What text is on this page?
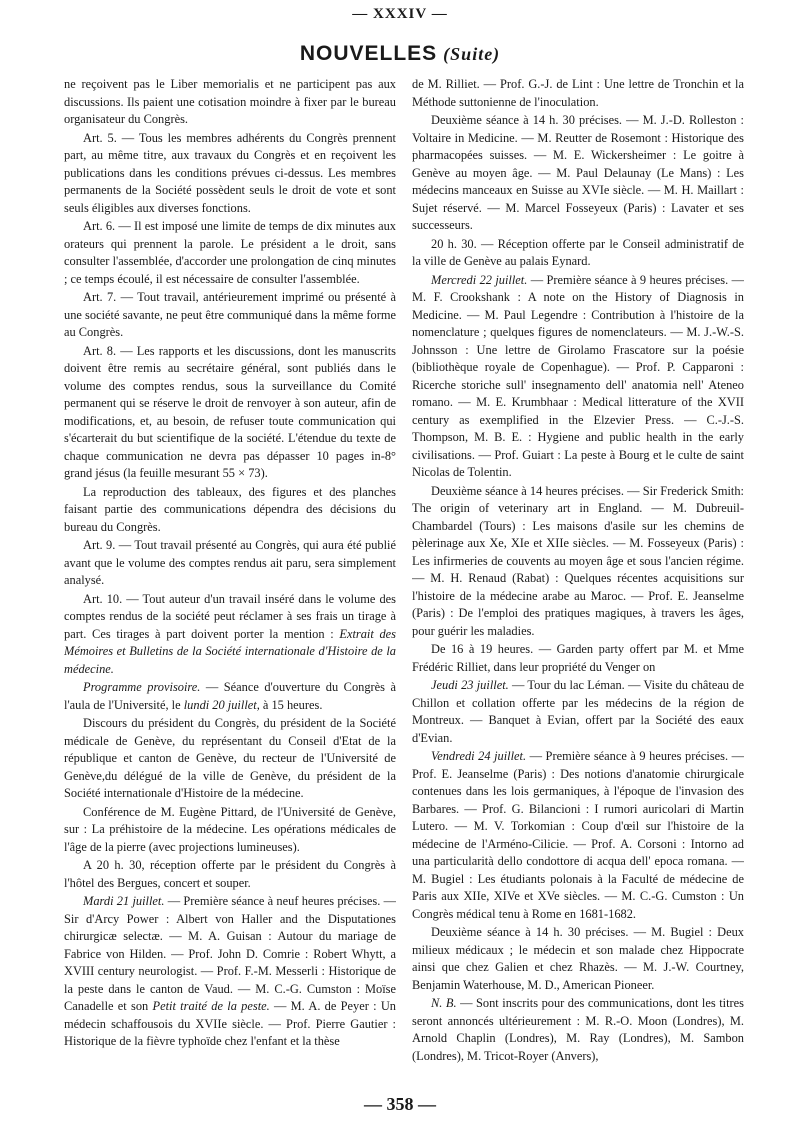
— XXXIV —
NOUVELLES (Suite)

ne reçoivent pas le Liber memorialis et ne participent pas aux discussions. Ils paient une cotisation moindre à fixer par le bureau organisateur du Congrès.

Art. 5. — Tous les membres adhérents du Congrès prennent part, au même titre, aux travaux du Congrès et en reçoivent les publications dans les conditions prévues ci-dessus. Les membres permanents de la Société possèdent seuls le droit de vote et sont seuls éligibles aux diverses fonctions.

Art. 6. — Il est imposé une limite de temps de dix minutes aux orateurs qui prennent la parole. Le président a le droit, sans consulter l'assemblée, d'accorder une prolongation de cinq minutes ; ce temps écoulé, il est nécessaire de consulter l'assemblée.

Art. 7. — Tout travail, antérieurement imprimé ou présenté à une société savante, ne peut être communiqué dans la même forme au Congrès.

Art. 8. — Les rapports et les discussions, dont les manuscrits doivent être remis au secrétaire général, sont publiés dans le volume des comptes rendus, sous la surveillance du Comité permanent qui se réserve le droit de renvoyer à son auteur, afin de modifications, et, au besoin, de refuser toute communication qui s'écarterait du but scientifique de la société. L'étendue du texte de chaque communication ne devra pas dépasser 10 pages in-8° grand jésus (la feuille mesurant 55 × 73).

La reproduction des tableaux, des figures et des planches faisant partie des communications dépendra des décisions du bureau du Congrès.

Art. 9. — Tout travail présenté au Congrès, qui aura été publié avant que le volume des comptes rendus ait paru, sera simplement analysé.

Art. 10. — Tout auteur d'un travail inséré dans le volume des comptes rendus de la société peut réclamer à ses frais un tirage à part. Ces tirages à part doivent porter la mention : Extrait des Mémoires et Bulletins de la Société internationale d'Histoire de la médecine.

Programme provisoire. — Séance d'ouverture du Congrès à l'aula de l'Université, le lundi 20 juillet, à 15 heures.

Discours du président du Congrès, du président de la Société médicale de Genève, du représentant du Conseil d'Etat de la république et canton de Genève, du recteur de l'Université de Genève,du délégué de la ville de Genève, du président de la Société internationale d'Histoire de la médecine.

Conférence de M. Eugène Pittard, de l'Université de Genève, sur : La préhistoire de la médecine. Les opérations médicales de l'âge de la pierre (avec projections lumineuses).

A 20 h. 30, réception offerte par le président du Congrès à l'hôtel des Bergues, concert et souper.

Mardi 21 juillet. — Première séance à neuf heures précises. — Sir d'Arcy Power : Albert von Haller and the Disputationes chirurgicæ selectæ. — M. A. Guisan : Autour du mariage de Fabrice von Hilden. — Prof. John D. Comrie : Robert Whytt, a XVIII century neurologist. — Prof. F.-M. Messerli : Historique de la peste dans le canton de Vaud. — M. C.-G. Cumston : Moïse Canadelle et son Petit traité de la peste. — M. A. de Peyer : Un médecin schaffousois du XVIIe siècle. — Prof. Pierre Gautier : Historique de la fièvre typhoïde chez l'enfant et la thèse

de M. Rilliet. — Prof. G.-J. de Lint : Une lettre de Tronchin et la Méthode suttonienne de l'inoculation.

Deuxième séance à 14 h. 30 précises. — M. J.-D. Rolleston : Voltaire in Medicine. — M. Reutter de Rosemont : Historique des pharmacopées suisses. — M. E. Wickersheimer : Le goitre à Genève au moyen âge. — M. Paul Delaunay (Le Mans) : Les médecins manceaux en Suisse au XVIe siècle. — M. H. Maillart : Sujet réservé. — M. Marcel Fosseyeux (Paris) : Lavater et ses successeurs.

20 h. 30. — Réception offerte par le Conseil administratif de la ville de Genève au palais Eynard.

Mercredi 22 juillet. — Première séance à 9 heures précises. — M. F. Crookshank : A note on the History of Diagnosis in Medicine. — M. Paul Legendre : Contribution à l'histoire de la nomenclature ; quelques figures de nomenclateurs. — M. J.-W.-S. Johnsson : Une lettre de Girolamo Frascatore sur la poésie (bibliothèque royale de Copenhague). — Prof. P. Capparoni : Ricerche storiche sull' insegnamento dell' anatomia nell' Ateneo romano. — M. E. Krumbhaar : Medical litterature of the XVII century as exemplified in the Elzevier Press. — C.-J.-S. Thompson, M. B. E. : Hygiene and public health in the early civilisations. — Prof. Guiart : La peste à Bourg et le culte de saint Nicolas de Tolentin.

Deuxième séance à 14 heures précises. — Sir Frederick Smith: The origin of veterinary art in England. — M. Dubreuil-Chambardel (Tours) : Les maisons d'asile sur les chemins de pèlerinage aux Xe, XIe et XIIe siècles. — M. Fosseyeux (Paris) : Les infirmeries de couvents au moyen âge et sous l'ancien régime. — M. H. Renaud (Rabat) : Quelques récentes acquisitions sur l'histoire de la médecine arabe au Maroc. — Prof. E. Jeanselme (Paris) : De l'emploi des pratiques magiques, à travers les âges, pour guérir les maladies.

De 16 à 19 heures. — Garden party offert par M. et Mme Frédéric Rilliet, dans leur propriété du Venger on

Jeudi 23 juillet. — Tour du lac Léman. — Visite du château de Chillon et collation offerte par les médecins de la région de Montreux. — Banquet à Evian, offert par la Société des eaux d'Evian.

Vendredi 24 juillet. — Première séance à 9 heures précises. — Prof. E. Jeanselme (Paris) : Des notions d'anatomie chirurgicale contenues dans les lois germaniques, à l'époque de l'invasion des Barbares. — Prof. G. Bilancioni : I rumori auricolari di Martin Lutero. — M. V. Torkomian : Coup d'œil sur l'histoire de la médecine de l'Arméno-Cilicie. — Prof. A. Corsoni : Intorno ad una particularità dello condottore di acqua dell' epoca romana. — M. Bugiel : Les étudiants polonais à la Faculté de médecine de Paris aux XIIe, XIVe et XVe siècles. — M. C.-G. Cumston : Un Congrès médical tenu à Rome en 1681-1682.

Deuxième séance à 14 h. 30 précises. — M. Bugiel : Deux milieux médicaux ; le médecin et son malade chez Hippocrate ainsi que chez Galien et chez Rhazès. — M. J.-W. Courtney, Benjamin Waterhouse, M. D., American Pioneer.

N. B. — Sont inscrits pour des communications, dont les titres seront annoncés ultérieurement : M. R.-O. Moon (Londres), M. Arnold Chaplin (Londres), M. Ray (Londres), M. Sambon (Londres), M. Tricot-Royer (Anvers),

— 358 —
